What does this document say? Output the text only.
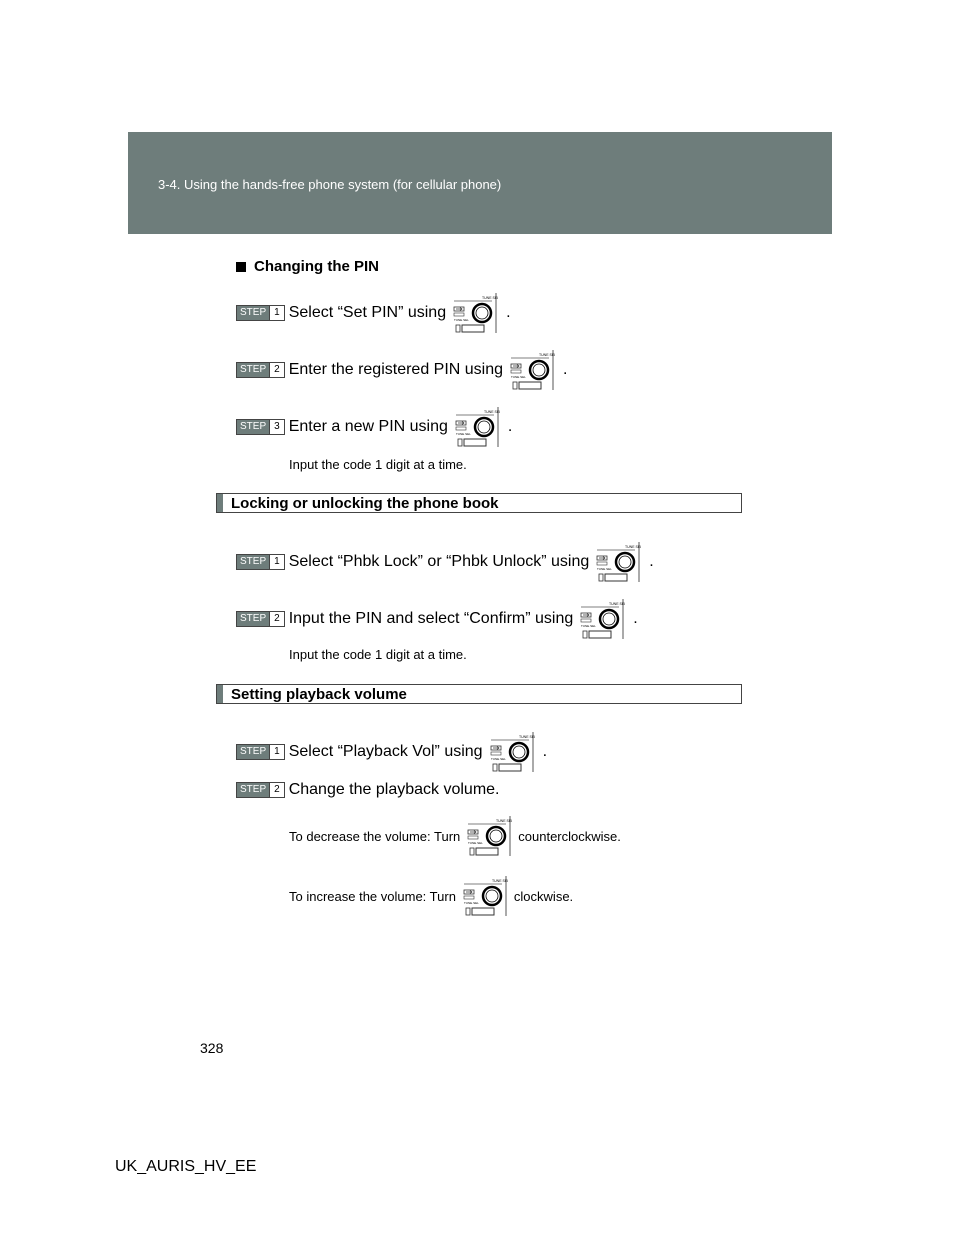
3-4. Using the hands-free phone system (for cellular phone)
Changing the PIN
STEP 1 Select “Set PIN” using	.
STEP 2 Enter the registered PIN using	.
STEP 3 Enter a new PIN using	.
Input the code 1 digit at a time.
Locking or unlocking the phone book
STEP 1 Select “Phbk Lock” or “Phbk Unlock” using	.
STEP 2 Input the PIN and select “Confirm” using	.
Input the code 1 digit at a time.
Setting playback volume
STEP 1 Select “Playback Vol” using	.
STEP 2 Change the playback volume.
To decrease the volume: Turn	counterclockwise.
To increase the volume: Turn	clockwise.
328
UK_AURIS_HV_EE
